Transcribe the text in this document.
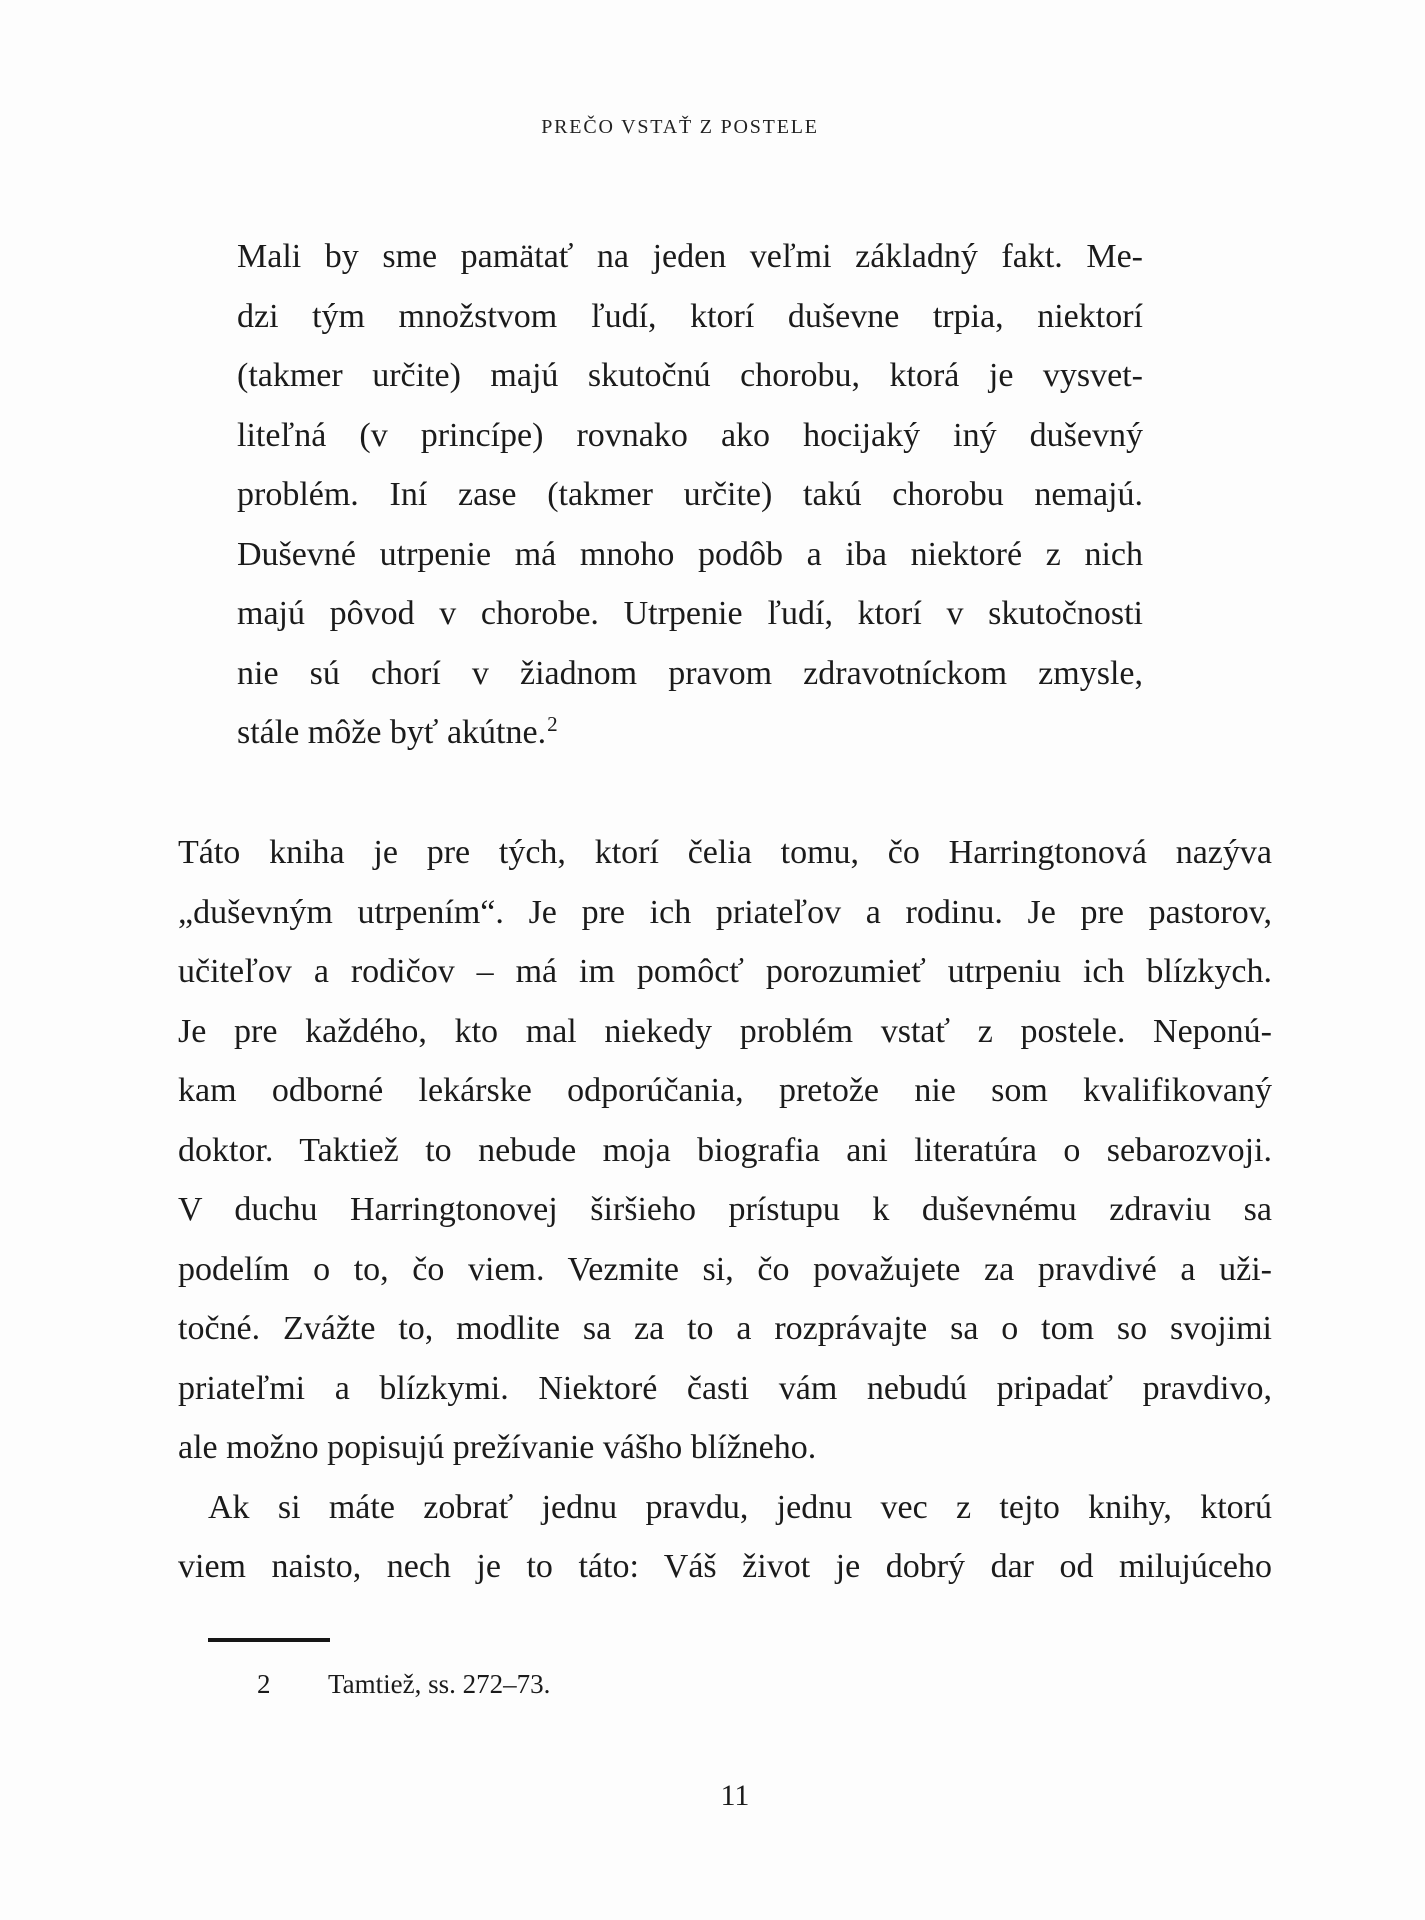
PREČO VSTAŤ Z POSTELE
Mali by sme pamätať na jeden veľmi základný fakt. Me-
dzi tým množstvom ľudí, ktorí duševne trpia, niektorí
(takmer určite) majú skutočnú chorobu, ktorá je vysvet-
liteľná (v princípe) rovnako ako hocijaký iný duševný
problém. Iní zase (takmer určite) takú chorobu nemajú.
Duševné utrpenie má mnoho podôb a iba niektoré z nich
majú pôvod v chorobe. Utrpenie ľudí, ktorí v skutočnosti
nie sú chorí v žiadnom pravom zdravotníckom zmysle,
stále môže byť akútne.$^2$
Táto kniha je pre tých, ktorí čelia tomu, čo Harringtonová nazýva
„duševným utrpením“. Je pre ich priateľov a rodinu. Je pre pastorov,
učiteľov a rodičov – má im pomôcť porozumieť utrpeniu ich blízkych.
Je pre každého, kto mal niekedy problém vstať z postele. Neponú-
kam odborné lekárske odporúčania, pretože nie som kvalifikovaný
doktor. Taktiež to nebude moja biografia ani literatúra o sebarozvoji.
V duchu Harringtonovej širšieho prístupu k duševnému zdraviu sa
podelím o to, čo viem. Vezmite si, čo považujete za pravdivé a uži-
točné. Zvážte to, modlite sa za to a rozprávajte sa o tom so svojimi
priateľmi a blízkymi. Niektoré časti vám nebudú pripadať pravdivo,
ale možno popisujú prežívanie vášho blížneho.
Ak si máte zobrať jednu pravdu, jednu vec z tejto knihy, ktorú
viem naisto, nech je to táto: Váš život je dobrý dar od milujúceho
2 Tamtiež, ss. 272–73.
11
